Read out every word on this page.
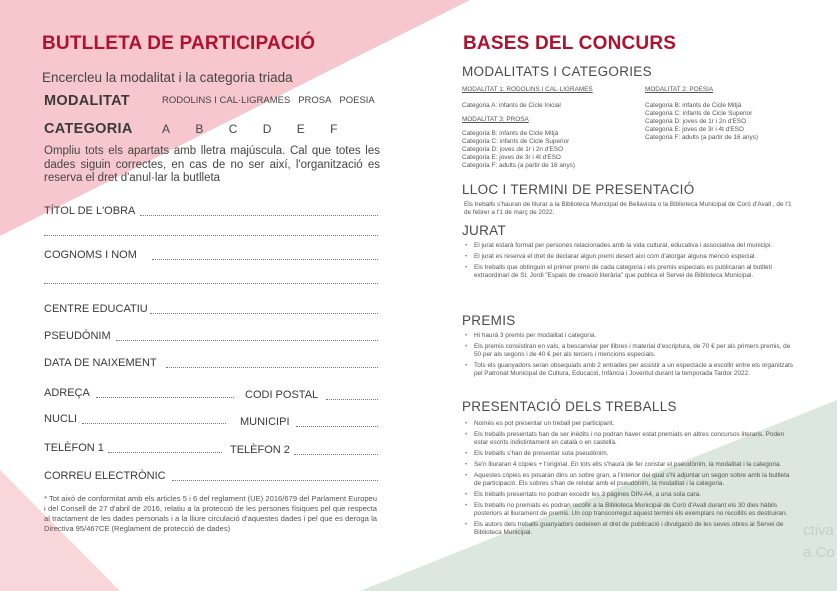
BUTLLETA DE PARTICIPACIÓ
Encercleu la modalitat i la categoria triada
MODALITAT	RODOLINS I CAL·LIGRAMES PROSA POESIA
CATEGORIA A B C D E F
Ompliu tots els apartats amb lletra majúscula. Cal que totes les dades siguin correctes, en cas de no ser així, l'organització es reserva el dret d'anul·lar la butlleta
TÍTOL DE L'OBRA
COGNOMS I NOM
CENTRE EDUCATIU
PSEUDÒNIM
DATA DE NAIXEMENT
ADREÇA	CODI POSTAL
NUCLI	MUNICIPI
TELÈFON 1	TELÈFON 2
CORREU ELECTRÒNIC
* Tot això de conformitat amb els articles 5 i 6 del reglament (UE) 2016/679 del Parlament Europeu i del Consell de 27 d'abril de 2016, relatiu a la protecció de les persones físiques pel que respecta al tractament de les dades personals i a la lliure circulació d'aquestes dades i pel que es deroga la Directiva 95/467CE (Reglament de protecció de dades)
BASES DEL CONCURS
MODALITATS I CATEGORIES
MODALITAT 1: RODOLINS I CAL·LIGRAMES
Categoria A: infants de Cicle Inicial
MODALITAT 3: PROSA
Categoria B: infants de Cicle Mitjà
Categoria C: infants de Cicle Superior
Categoria D: joves de 1r i 2n d'ESO
Categoria E: joves de 3r i 4t d'ESO
Categoria F: adults (a partir de 16 anys)
MODALITAT 2: POESIA
Categoria B: infants de Cicle Mitjà
Categoria C: infants de Cicle Superior
Categoria D: joves de 1r i 2n d'ESO
Categoria E: joves de 3r i 4t d'ESO
Categoria F: adults (a partir de 16 anys)
LLOC I TERMINI DE PRESENTACIÓ
Els treballs s'hauran de lliurar a la Biblioteca Municipal de Bellavista o la Biblioteca Municipal de Coró d'Avall , de l'1 de febrer a l'1 de març de 2022.
JURAT
• El jurat estarà format per persones relacionades amb la vida cultural, educativa i associativa del municipi.
• El jurat es reserva el dret de declarar algun premi desert així com d'atorgar alguna menció especial.
• Els treballs que obtinguin el primer premi de cada categoria i els premis especials es publicaran al butlletí extraordinari de St. Jordi "Espais de creació literària" que publica el Servei de Biblioteca Municipal.
PREMIS
• Hi haurà 3 premis per modalitat i categoria.
• Els premis consistiran en vals, a bescanviar per llibres i material d'escriptura, de 70 € per als primers premis, de 50 per als segons i de 40 € per als tercers i mencions especials.
• Tots els guanyadors seran obsequiats amb 2 entrades per assistir a un espectacle a escollir entre els organitzats pel Patronat Municipal de Cultura, Educació, Infància i Joventut durant la temporada Tardor 2022.
PRESENTACIÓ DELS TREBALLS
• Només es pot presentar un treball per participant.
• Els treballs presentats han de ser inèdits i no podran haver estat premiats en altres concursos literaris. Poden estar escrits indistintament en català o en castellà.
• Els treballs s'han de presentar sota pseudònim.
• Se'n lliuraran 4 còpies + l'original. En tots ells s'haurà de fer constar el pseudònim, la modalitat i la categoria.
• Aquestes còpies es posaran dins un sobre gran, a l'interior del qual s'hi adjuntar un segon sobre amb la butlleta de participació. Els sobres s'han de retolar amb el pseudònim, la modalitat i la categoria.
• Els treballs presentats no podran excedir les 3 pàgines DIN-A4, a una sola cara.
• Els treballs no premiats es podran recollir a la Biblioteca Municipal de Coró d'Avall durant els 30 dies hàbils posteriors al lliurament de premis. Un cop transcorregut aquest termini els exemplars no recollits es destruiran.
• Els autors dels treballs guanyadors cedeixen el dret de publicació i divulgació de les seves obres al Servei de Biblioteca Municipal.	ctiva
a Co
